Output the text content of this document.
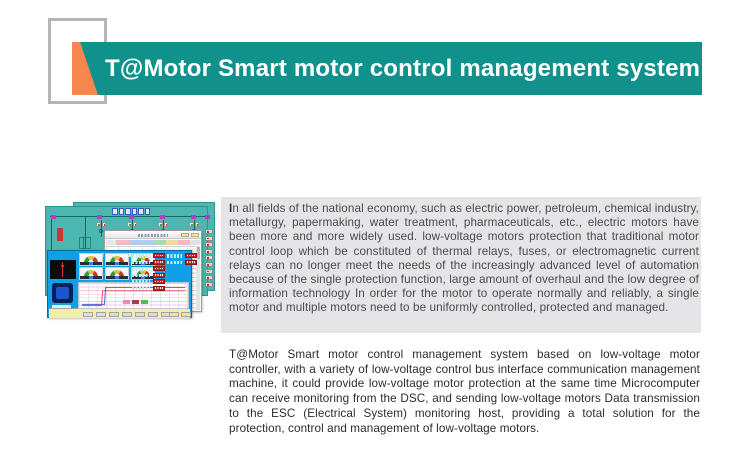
T@Motor Smart motor control management system

In all fields of the national economy, such as electric power, petroleum, chemical industry, metallurgy, papermaking, water treatment, pharmaceuticals, etc., electric motors have been more and more widely used. low-voltage motors protection that traditional motor control loop which be constituted of thermal relays, fuses, or electromagnetic current relays can no longer meet the needs of the increasingly advanced level of automation because of the single protection function, large amount of overhaul and the low degree of information technology In order for the motor to operate normally and reliably, a single motor and multiple motors need to be uniformly controlled, protected and managed.

T@Motor Smart motor control management system based on low-voltage motor controller, with a variety of low-voltage control bus interface communication management machine, it could provide low-voltage motor protection at the same time Microcomputer can receive monitoring from the DSC, and sending low-voltage motors Data transmission to the ESC (Electrical System) monitoring host, providing a total solution for the protection, control and management of low-voltage motors.
